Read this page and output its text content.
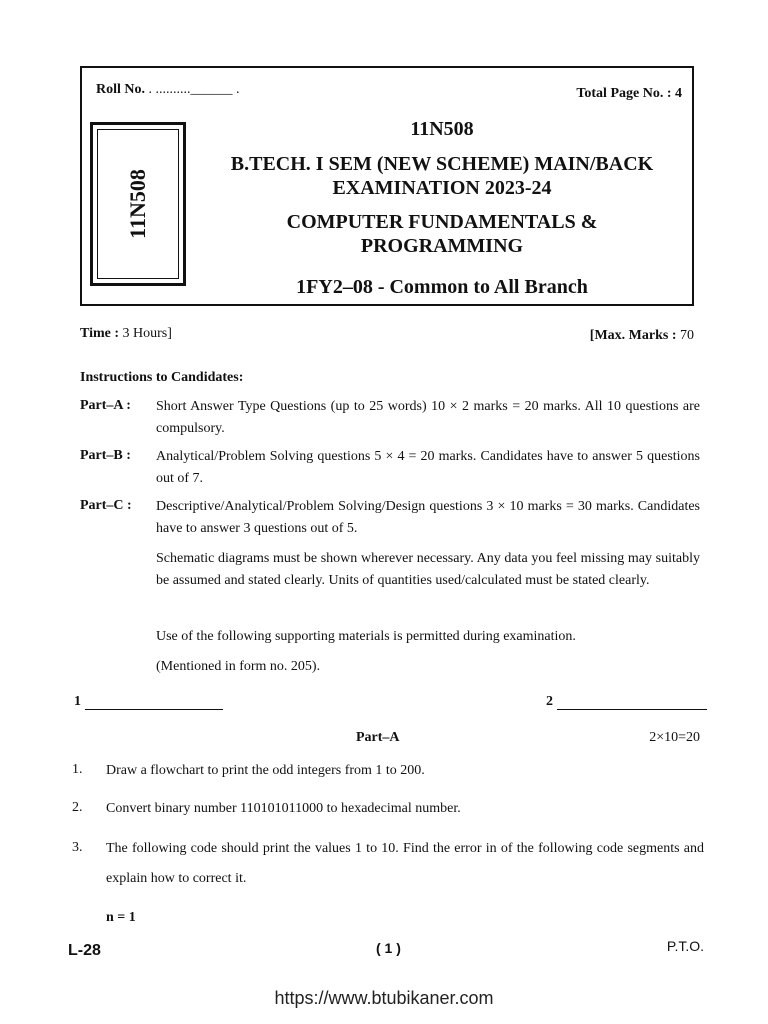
Roll No. . ..........______ .	Total Page No. : 4
11N508
11N508
B.TECH. I SEM (NEW SCHEME) MAIN/BACK
EXAMINATION 2023-24
COMPUTER FUNDAMENTALS &
PROGRAMMING
1FY2–08 - Common to All Branch
Time : 3 Hours]	[Max. Marks : 70
Instructions to Candidates:
Part–A : Short Answer Type Questions (up to 25 words) 10 × 2 marks = 20 marks. All 10 questions are compulsory.
Part–B : Analytical/Problem Solving questions 5 × 4 = 20 marks. Candidates have to answer 5 questions out of 7.
Part–C : Descriptive/Analytical/Problem Solving/Design questions 3 × 10 marks = 30 marks. Candidates have to answer 3 questions out of 5.
Schematic diagrams must be shown wherever necessary. Any data you feel missing may suitably be assumed and stated clearly. Units of quantities used/calculated must be stated clearly.
Use of the following supporting materials is permitted during examination.
(Mentioned in form no. 205).
1	2
Part–A	2×10=20
1. Draw a flowchart to print the odd integers from 1 to 200.
2. Convert binary number 110101011000 to hexadecimal number.
3. The following code should print the values 1 to 10. Find the error in of the following code segments and explain how to correct it.
n = 1
L-28	( 1 )	P.T.O.
https://www.btubikaner.com
